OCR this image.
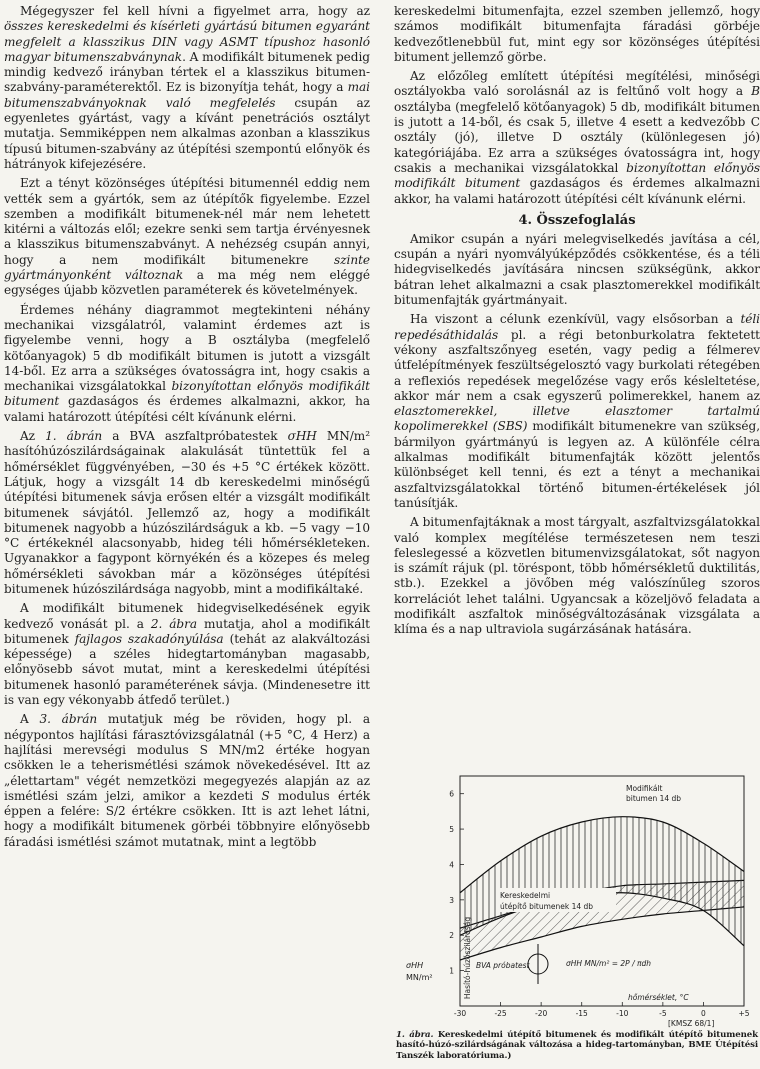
Mégegyszer fel kell hívni a figyelmet arra, hogy az összes kereskedelmi és kísérleti gyártású bitumen egyaránt megfelelt a klasszikus DIN vagy ASMT típushoz hasonló magyar bitumenszabványnak. A modifikált bitumenek pedig mindig kedvező irányban tértek el a klasszikus bitumen-szabvány-paraméterektől. Ez is bizonyítja tehát, hogy a mai bitumenszabványoknak való megfelelés csupán az egyenletes gyártást, vagy a kívánt penetrációs osztályt mutatja. Semmiképpen nem alkalmas azonban a klasszikus típusú bitumen-szabvány az útépítési szempontú előnyök és hátrányok kifejezésére.

Ezt a tényt közönséges útépítési bitumennél eddig nem vették sem a gyártók, sem az útépítők figyelembe. Ezzel szemben a modifikált bitumenek-nél már nem lehetett kitérni a változás elől; ezekre senki sem tartja érvényesnek a klasszikus bitumenszabványt. A nehézség csupán annyi, hogy a nem modifikált bitumenekre szinte gyártmányonként változnak a ma még nem eléggé egységes újabb közvetlen paraméterek és követelmények.

Érdemes néhány diagrammot megtekinteni néhány mechanikai vizsgálatról, valamint érdemes azt is figyelembe venni, hogy a B osztályba (megfelelő kötőanyagok) 5 db modifikált bitumen is jutott a vizsgált 14-ből. Ez arra a szükséges óvatosságra int, hogy csakis a mechanikai vizsgálatokkal bizonyítottan előnyös modifikált bitument gazdaságos és érdemes alkalmazni, akkor, ha valami határozott útépítési célt kívánunk elérni.

Az 1. ábrán a BVA aszfaltpróbatestek σHH MN/m² hasítóhúzószilárdságainak alakulását tüntettük fel a hőmérséklet függvényében, −30 és +5 °C értékek között. Látjuk, hogy a vizsgált 14 db kereskedelmi minőségű útépítési bitumenek sávja erősen eltér a vizsgált modifikált bitumenek sávjától. Jellemző az, hogy a modifikált bitumenek nagyobb a húzószilárdságuk a kb. −5 vagy −10 °C értékeknél alacsonyabb, hideg téli hőmérsékleteken. Ugyanakkor a fagypont környékén és a közepes és meleg hőmérsékleti sávokban már a közönséges útépítési bitumenek húzószilárdsága nagyobb, mint a modifikáltaké.

A modifikált bitumenek hidegviselkedésének egyik kedvező vonását pl. a 2. ábra mutatja, ahol a modifikált bitumenek fajlagos szakadónyúlása (tehát az alakváltozási képessége) a széles hidegtartományban magasabb, előnyösebb sávot mutat, mint a kereskedelmi útépítési bitumenek hasonló paraméterének sávja. (Mindenesetre itt is van egy vékonyabb átfedő terület.)

A 3. ábrán mutatjuk még be röviden, hogy pl. a négypontos hajlítási fárasztóvizsgálatnál (+5 °C, 4 Herz) a hajlítási merevségi modulus S MN/m2 értéke hogyan csökken le a teherismétlési számok növekedésével. Itt az „élettartam" végét nemzetközi megegyezés alapján az az ismétlési szám jelzi, amikor a kezdeti S modulus érték éppen a felére: S/2 értékre csökken. Itt is azt lehet látni, hogy a modifikált bitumenek görbéi többnyire előnyösebb fáradási ismétlési számot mutatnak, mint a legtöbb

kereskedelmi bitumenfajta, ezzel szemben jellemző, hogy számos modifikált bitumenfajta fáradási görbéje kedvezőtlenebbül fut, mint egy sor közönséges útépítési bitument jellemző görbe.

Az előzőleg említett útépítési megítélési, minőségi osztályokba való sorolásnál az is feltűnő volt hogy a B osztályba (megfelelő kötőanyagok) 5 db, modifikált bitumen is jutott a 14-ből, és csak 5, illetve 4 esett a kedvezőbb C osztály (jó), illetve D osztály (különlegesen jó) kategóriájába. Ez arra a szükséges óvatosságra int, hogy csakis a mechanikai vizsgálatokkal bizonyítottan előnyös modifikált bitument gazdaságos és érdemes alkalmazni akkor, ha valami határozott útépítési célt kívánunk elérni.

4. Összefoglalás

Amikor csupán a nyári melegviselkedés javítása a cél, csupán a nyári nyomvályúképződés csökkentése, és a téli hidegviselkedés javítására nincsen szükségünk, akkor bátran lehet alkalmazni a csak plasztomerekkel modifikált bitumenfajták gyártmányait.

Ha viszont a célunk ezenkívül, vagy elsősorban a téli repedésáthidalás pl. a régi betonburkolatra fektetett vékony aszfaltszőnyeg esetén, vagy pedig a félmerev útfelépítmények feszültségelosztó vagy burkolati rétegében a reflexiós repedések megelőzése vagy erős késleltetése, akkor már nem a csak egyszerű polimerekkel, hanem az elasztomerekkel, illetve elasztomer tartalmú kopolimerekkel (SBS) modifikált bitumenekre van szükség, bármilyon gyártmányú is legyen az. A különféle célra alkalmas modifikált bitumenfajták között jelentős különbséget kell tenni, és ezt a tényt a mechanikai aszfaltvizsgálatokkal történő bitumen-értékelések jól tanúsítják.

A bitumenfajtáknak a most tárgyalt, aszfaltvizsgálatokkal való komplex megítélése természetesen nem teszi feleslegessé a közvetlen bitumenvizsgálatokat, sőt nagyon is számít rájuk (pl. töréspont, több hőmérsékletű duktilitás, stb.). Ezekkel a jövőben még valószínűleg szoros korrelációt lehet találni. Ugyancsak a közeljövő feladata a modifikált aszfaltok minőségváltozásának vizsgálata a klíma és a nap ultraviola sugárzásának hatására.

-30	-25	-20	-15	-10	-5	0	+5
1
2
3
4
5
6
Modifikált
bitumen 14 db
Kereskedelmi
útépítő bitumenek 14 db
Hasító-húzószilárdság
σHH
MN/m²
BVA próbatest	σHH MN/m² = 2P / πdh
hőmérséklet, °C
[KMSZ 68/1]

1. ábra. Kereskedelmi útépítő bitumenek és modifikált útépítő bitumenek hasító-húzó-szilárdságának változása a hideg-tartományban, BME Útépítési Tanszék laboratóriuma.)
